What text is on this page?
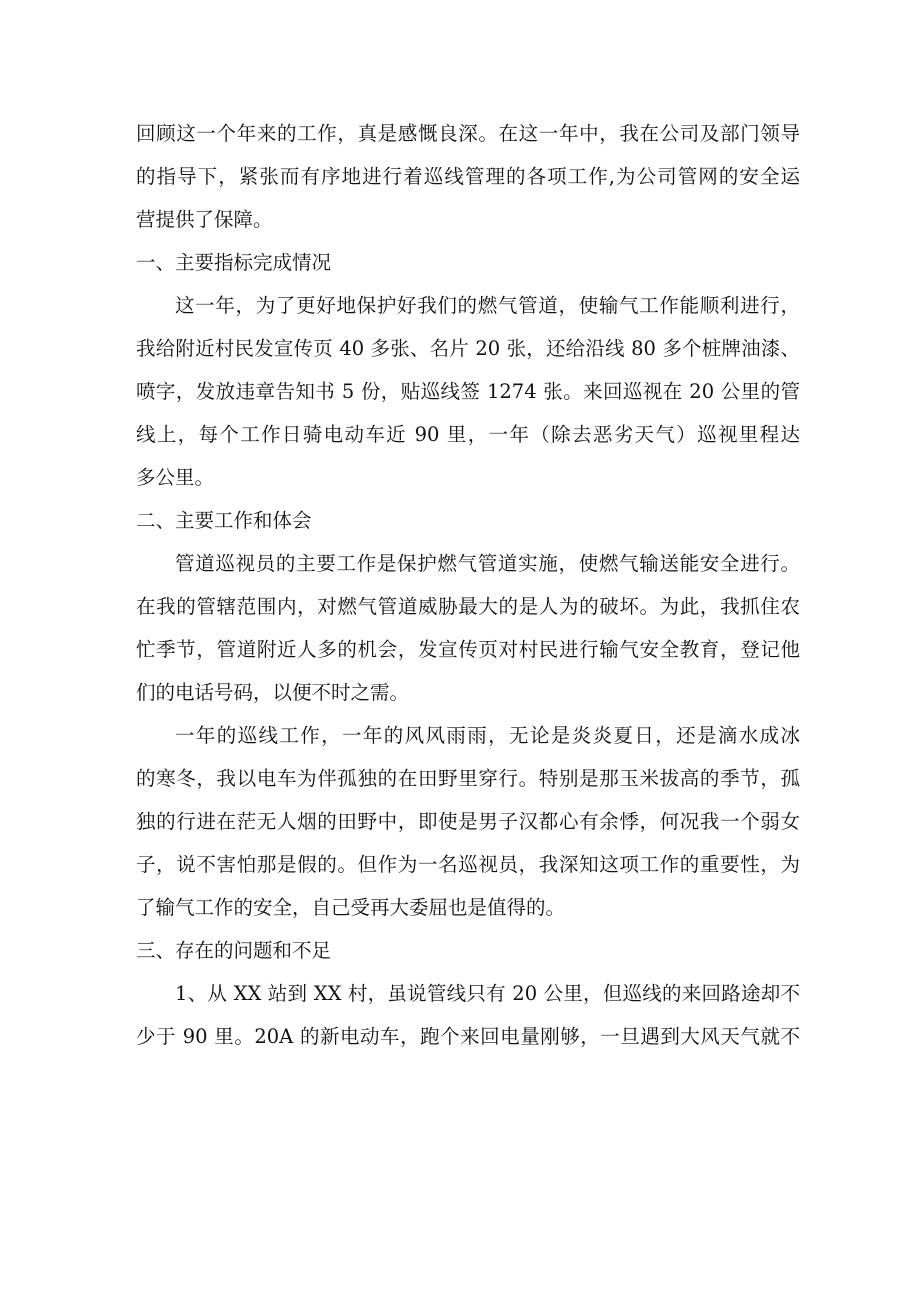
回顾这一个年来的工作，真是感慨良深。在这一年中，我在公司及部门领导
的指导下，紧张而有序地进行着巡线管理的各项工作,为公司管网的安全运
营提供了保障。
一、主要指标完成情况
这一年，为了更好地保护好我们的燃气管道，使输气工作能顺利进行，
我给附近村民发宣传页 40 多张、名片 20 张，还给沿线 80 多个桩牌油漆、
喷字，发放违章告知书 5 份，贴巡线签 1274 张。来回巡视在 20 公里的管
线上，每个工作日骑电动车近 90 里，一年（除去恶劣天气）巡视里程达
多公里。
二、主要工作和体会
管道巡视员的主要工作是保护燃气管道实施，使燃气输送能安全进行。
在我的管辖范围内，对燃气管道威胁最大的是人为的破坏。为此，我抓住农
忙季节，管道附近人多的机会，发宣传页对村民进行输气安全教育，登记他
们的电话号码，以便不时之需。
一年的巡线工作，一年的风风雨雨，无论是炎炎夏日，还是滴水成冰
的寒冬，我以电车为伴孤独的在田野里穿行。特别是那玉米拔高的季节，孤
独的行进在茫无人烟的田野中，即使是男子汉都心有余悸，何况我一个弱女
子，说不害怕那是假的。但作为一名巡视员，我深知这项工作的重要性，为
了输气工作的安全，自己受再大委屈也是值得的。
三、存在的问题和不足
1、从 XX 站到 XX 村，虽说管线只有 20 公里，但巡线的来回路途却不
少于 90 里。20A 的新电动车，跑个来回电量刚够，一旦遇到大风天气就不
